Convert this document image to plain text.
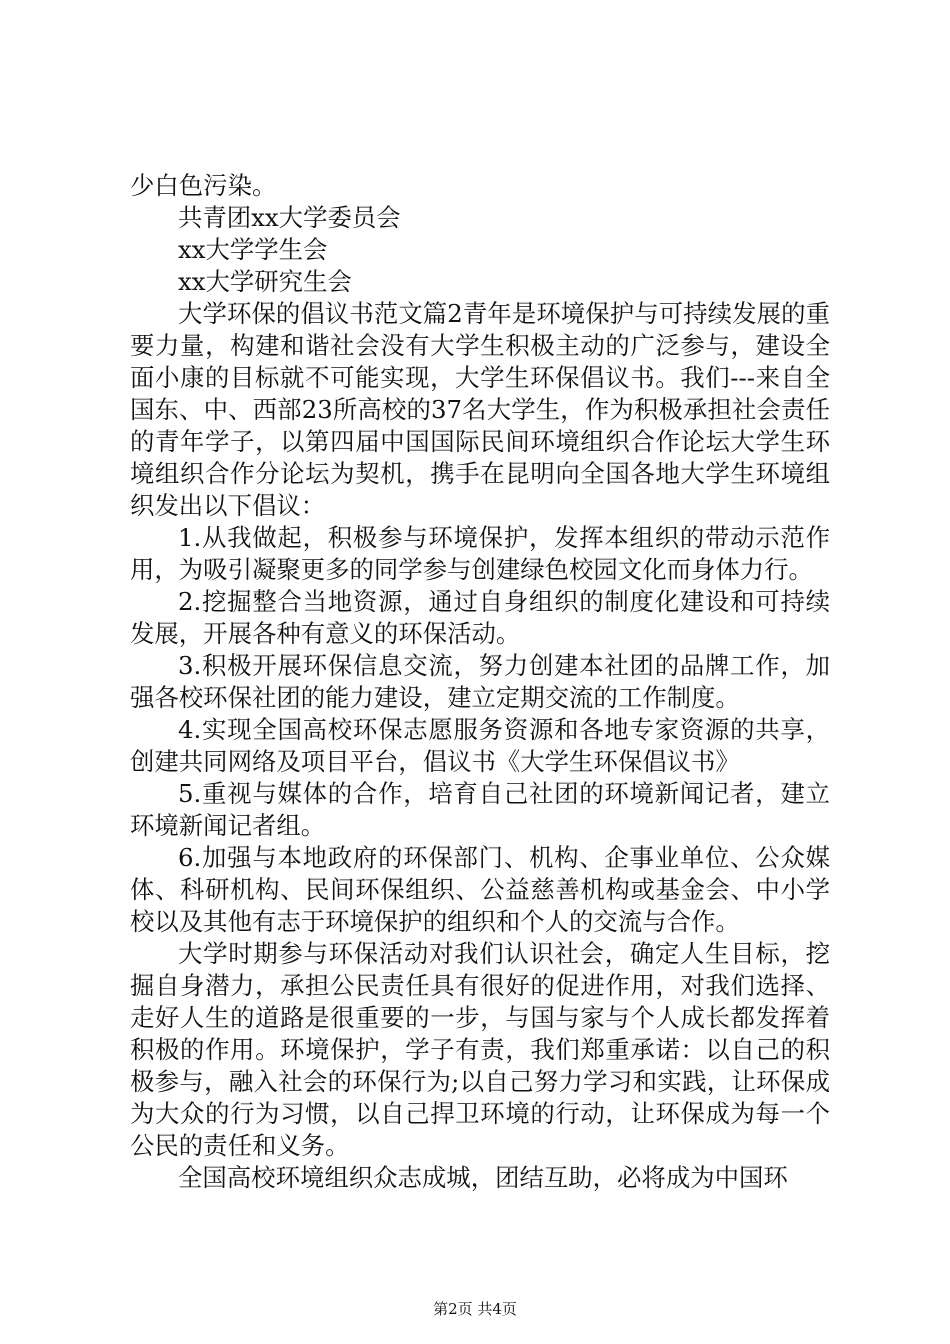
少白色污染。

共青团xx大学委员会

xx大学学生会

xx大学研究生会

大学环保的倡议书范文篇2青年是环境保护与可持续发展的重要力量，构建和谐社会没有大学生积极主动的广泛参与，建设全面小康的目标就不可能实现，大学生环保倡议书。我们---来自全国东、中、西部23所高校的37名大学生，作为积极承担社会责任的青年学子，以第四届中国国际民间环境组织合作论坛大学生环境组织合作分论坛为契机，携手在昆明向全国各地大学生环境组织发出以下倡议：

1.从我做起，积极参与环境保护，发挥本组织的带动示范作用，为吸引凝聚更多的同学参与创建绿色校园文化而身体力行。

2.挖掘整合当地资源，通过自身组织的制度化建设和可持续发展，开展各种有意义的环保活动。

3.积极开展环保信息交流，努力创建本社团的品牌工作，加强各校环保社团的能力建设，建立定期交流的工作制度。

4.实现全国高校环保志愿服务资源和各地专家资源的共享，创建共同网络及项目平台，倡议书《大学生环保倡议书》

5.重视与媒体的合作，培育自己社团的环境新闻记者，建立环境新闻记者组。

6.加强与本地政府的环保部门、机构、企事业单位、公众媒体、科研机构、民间环保组织、公益慈善机构或基金会、中小学校以及其他有志于环境保护的组织和个人的交流与合作。

大学时期参与环保活动对我们认识社会，确定人生目标，挖掘自身潜力，承担公民责任具有很好的促进作用，对我们选择、走好人生的道路是很重要的一步，与国与家与个人成长都发挥着积极的作用。环境保护，学子有责，我们郑重承诺：以自己的积极参与，融入社会的环保行为;以自己努力学习和实践，让环保成为大众的行为习惯，以自己捍卫环境的行动，让环保成为每一个公民的责任和义务。

全国高校环境组织众志成城，团结互助，必将成为中国环

第2页 共4页
